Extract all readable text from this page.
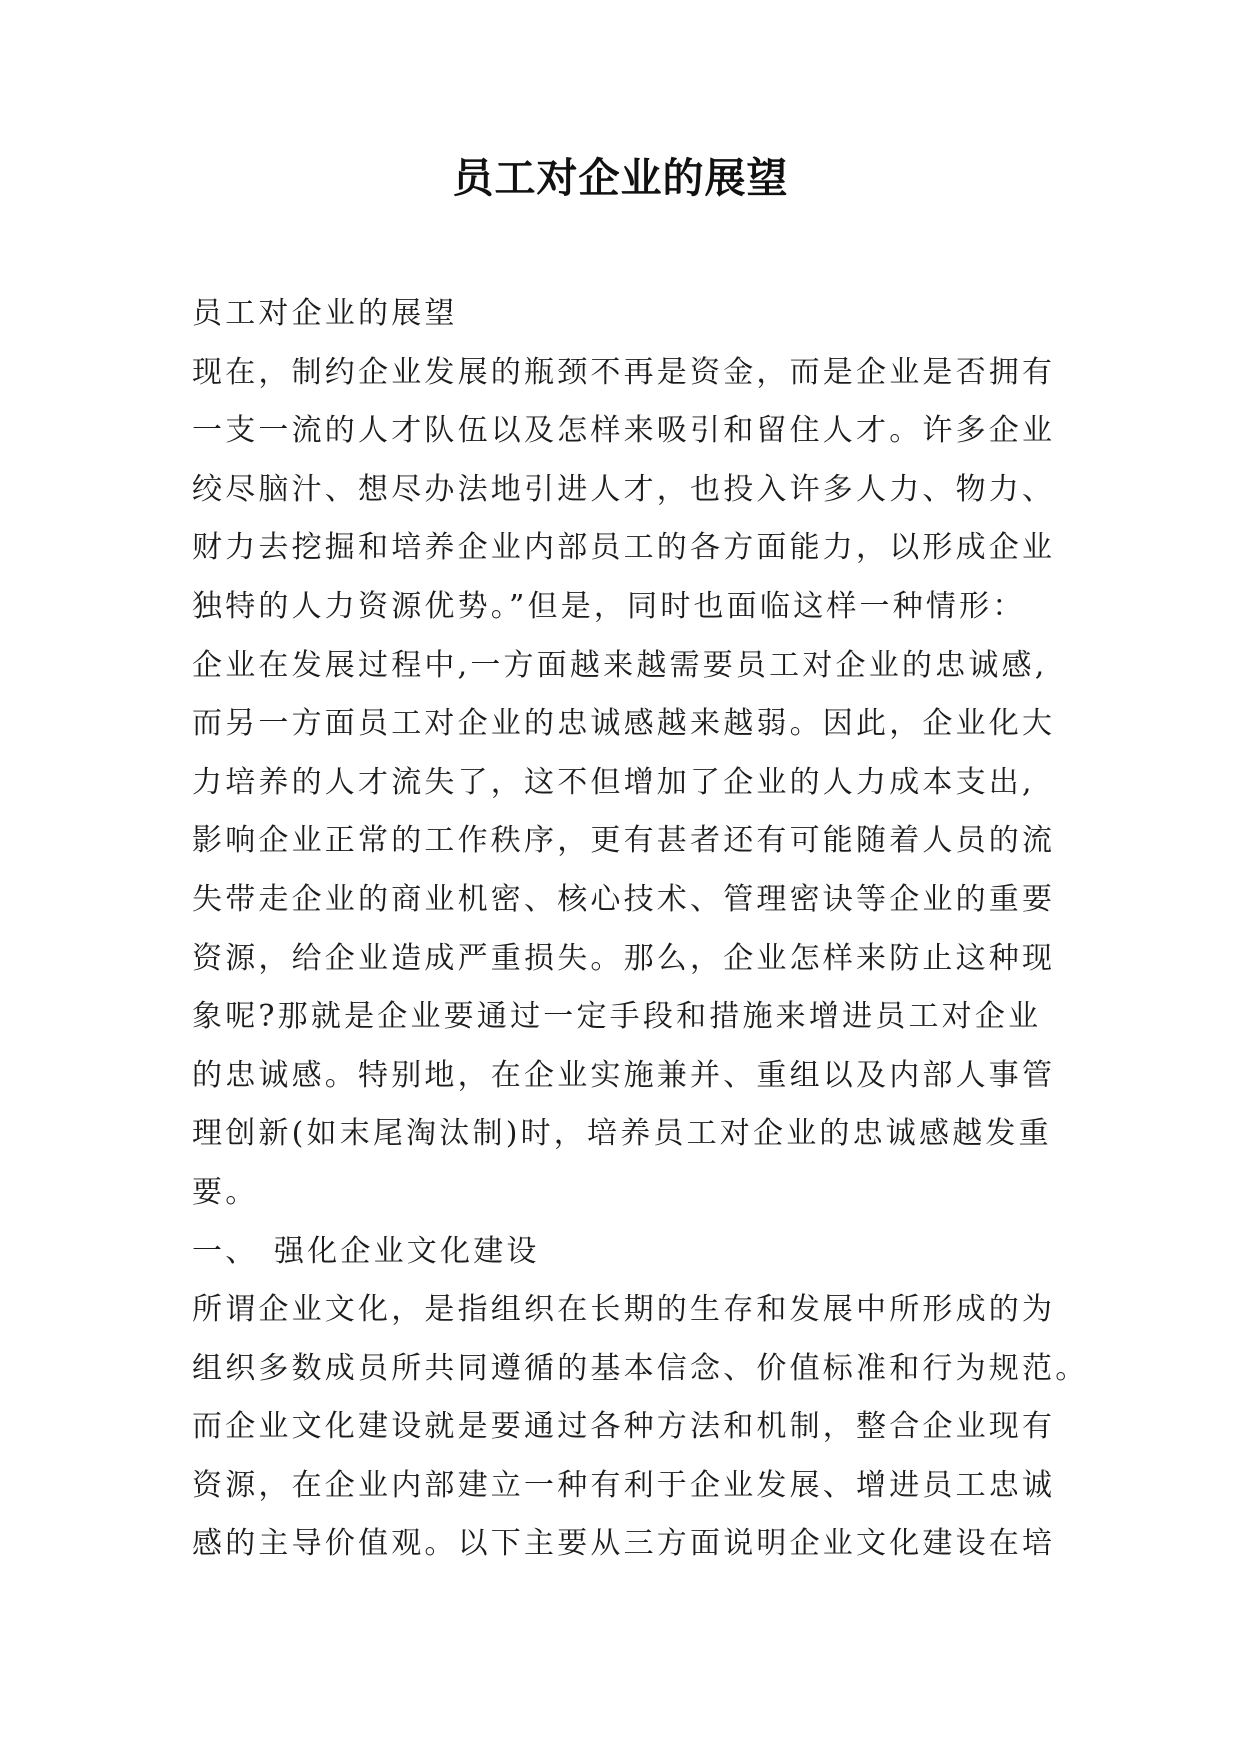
员工对企业的展望
员工对企业的展望
现在，制约企业发展的瓶颈不再是资金，而是企业是否拥有
一支一流的人才队伍以及怎样来吸引和留住人才。许多企业
绞尽脑汁、想尽办法地引进人才，也投入许多人力、物力、
财力去挖掘和培养企业内部员工的各方面能力，以形成企业
独特的人力资源优势。”但是，同时也面临这样一种情形：
企业在发展过程中,一方面越来越需要员工对企业的忠诚感,
而另一方面员工对企业的忠诚感越来越弱。因此，企业化大
力培养的人才流失了，这不但增加了企业的人力成本支出,
影响企业正常的工作秩序，更有甚者还有可能随着人员的流
失带走企业的商业机密、核心技术、管理密诀等企业的重要
资源，给企业造成严重损失。那么，企业怎样来防止这种现
象呢?那就是企业要通过一定手段和措施来增进员工对企业
的忠诚感。特别地，在企业实施兼并、重组以及内部人事管
理创新(如末尾淘汰制)时，培养员工对企业的忠诚感越发重
要。
一、 强化企业文化建设
所谓企业文化，是指组织在长期的生存和发展中所形成的为
组织多数成员所共同遵循的基本信念、价值标准和行为规范。
而企业文化建设就是要通过各种方法和机制，整合企业现有
资源，在企业内部建立一种有利于企业发展、增进员工忠诚
感的主导价值观。以下主要从三方面说明企业文化建设在培
